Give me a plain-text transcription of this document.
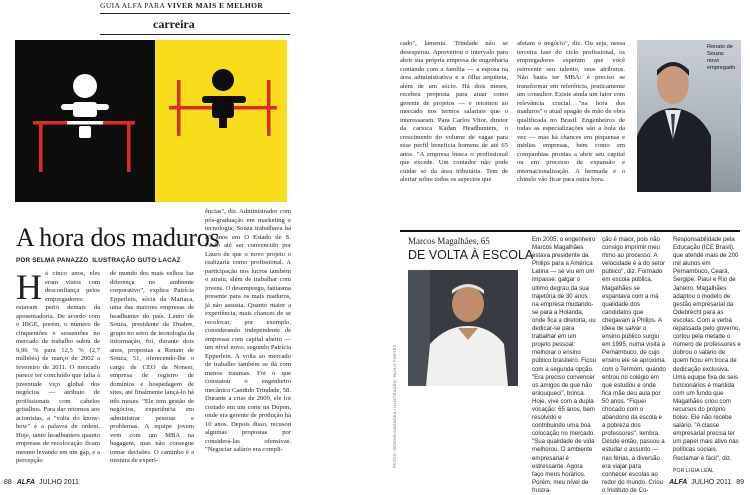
GUIA ALFA PARA VIVER MAIS E MELHOR
carreira
A hora dos maduros
POR SELMA PANAZZO ILUSTRAÇÃO GUTO LACAZ
Há cinco anos, eles eram vistos com desconfiança pelos empregadores: estavam perto demais da aposentadoria. De acordo com o IBGE, porém, o número de cinquentões e sessentões no mercado de trabalho subiu de 9,96 % para 12,5 % (2,7 milhões) de março de 2002 a fevereiro de 2011. O mercado parece ter concluído que falta à juventude viço global dos negócios — atributo de profissionais com cabelos grisalhos. Para dar retornos aos acionistas, a "volta do know-how" é a palavra de ordem. Hoje, tanto headhunters quanto empresas de recolocação ficam mesmo levando em um gap, e a percepção
de mundo dos mais velhos faz diferença no ambiente corporativo", explica Patrícia Epperlein, sócia da Mariaca, uma das maiores empresas de headhunter do país. Lauro de Souza, presidente da Dnahre, grupo no setor de tecnologia da informação, foi, durante dois anos, propostas a Renato de Souza, 51, oferecendo-lhe o cargo de CEO da Nonser, empresa de registro de domínios e hospedagem de sites, até finalmente lançá-lo há três meses. "Ele tem gestão de negócios, experiência em administrar pessoas e problemas. A equipe jovem vem com um MBA na bagagem, mas não consegue tomar decisões. O caminho é a mistura de experi-
ências", diz. Administrador com pós-graduação em marketing e tecnologia, Souza trabalhava há 25 anos em O Estado de S. Paulo até ser convencido por Lauro de que o novo projeto o realizaria como profissional. A participação nos lucros também o atraiu, além de trabalhar com jovens. O desemprego, fantasma presente para os mais maduros, já não assusta. Quanto maior a experiência, mais chances de se recolocar, por exemplo, considerando independente de empresas com capital aberto — um nível novo, segundo Patrícia Epperlein. A volta ao mercado de trabalho também se dá com menos traumas. Foi o que constatou o engenheiro mecânico Candido Trindade, 58. Durante a crise de 2009, ele foi cortado em um corte na Dupon, onde era gerente de produção há 10 anos. Depois disso, recusou algumas propostas por considerá-las ofensivas. "Negociar salário era compli-
cado", lamenta. Trindade não se desesperou. Aproveitou o intervalo para abrir sua própria empresa de engenharia contando com a família — a esposa na área administrativa e a filha arquiteta, além de um sócio. Há dois meses, recebeu proposta para atuar como gerente de projetos — e retornou ao mercado nos termos salariais que o interessaram. Para Carlos Vitor, diretor da carioca Kadan Headhunters, o crescimento do volume de vagas para esse perfil beneficia homens de até 65 anos. "A empresa busca o profissional que excede. Um contador não pode cuidar só da área tributária. Tem de alertar sobre todos os aspectos que
afetam o negócio", diz. Ou seja, nessa terceira fase do ciclo profissional, os empregadores esperam que você reinvente seu talento, seus atributos. Não basta ter MBA: é preciso se transformar em referência, praticamente um consultor. Existe ainda um fator com relevância crucial "na hora dos maduros" o atual apagão de mão de obra qualificada no Brasil. Engenheiros de todas as especializações são a bola da vez — mas há chances em pequenas e médias empresas, bem como em companhias prontas a abrir seu capital ou em processo de expansão e internacionalização. A hermada e o chinelo vão ficar para outra hora.
Renato de Souza:
novo empregado
Marcos Magalhães, 65
DE VOLTA À ESCOLA
FOTOS: SÉRGIO NAGAOKA / ILUSTRAÇÃO: PAULO FORTES
Em 2005, o engenheiro Marcos Magalhães estava presidente da Philips para a América Latina — se viu em um impasse: galgar o último degrau da sua trajetória de 30 anos na empresa mudando-se para a Holanda, onde fica a diretoria, ou dedicar-se para trabalhar em um projeto pessoal: melhorar o ensino público brasileiro. Ficou com a segunda opção. "Era preciso convencer os amigos de que não enlouqueci", brinca. Hoje, vive com a dupla vocação: 65 anos, bem resolvido e contribuindo uma boa colocação no mercado. "Sua qualidade de vida melhorou. O ambiente empresarial é estressante. Agora faço meus horários. Porém, meu nível de frustra-
ção é maior, pois não consigo imprimir meu ritmo ao processo. A velocidade é a do setor público", diz. Formado em escola pública, Magalhães se espantava com a má qualidade dos candidatos que chegavam à Philips. A ideia de salvar o ensino público surgiu em 1995, numa visita a Pernambuco, de cujo ensino ele se aproxima com o Termom, quando entrou no colégio em que estudou e onde fica mãe deu aula por 50 anos. "Fiquei chocado com o abandono da escola e a pobreza dos professores", lembra. Desde então, passou a estudar o assunto — nas férias, a diversão era viajar para conhecer escolas ao redor do mundo. Criou o Instituto de Co-
Responsabilidade pela Educação (ICE Brasil), que atende mais de 200 mil alunos em Pernambuco, Ceará, Sergipe, Piauí e Rio de Janeiro. Magalhães adaptou o modelo de gestão empresarial da Odebrecht para as escolas. Com a verba repassada pelo governo, cortou pela metade o número de professores e dobrou o salário de quem ficou em troca de dedicação exclusiva. Uma equipe fixa de seis funcionários é mantida com um fundo que Magalhães criou com recursos do próprio bolso. Ele não recebe salário. "A classe empresarial precisa ter um papel mais ativo nas políticas sociais. Reclamar é fácil", diz.
POR LIGIA LEAL
88 ALFA JULHO 2011	ALFA JULHO 2011 89
